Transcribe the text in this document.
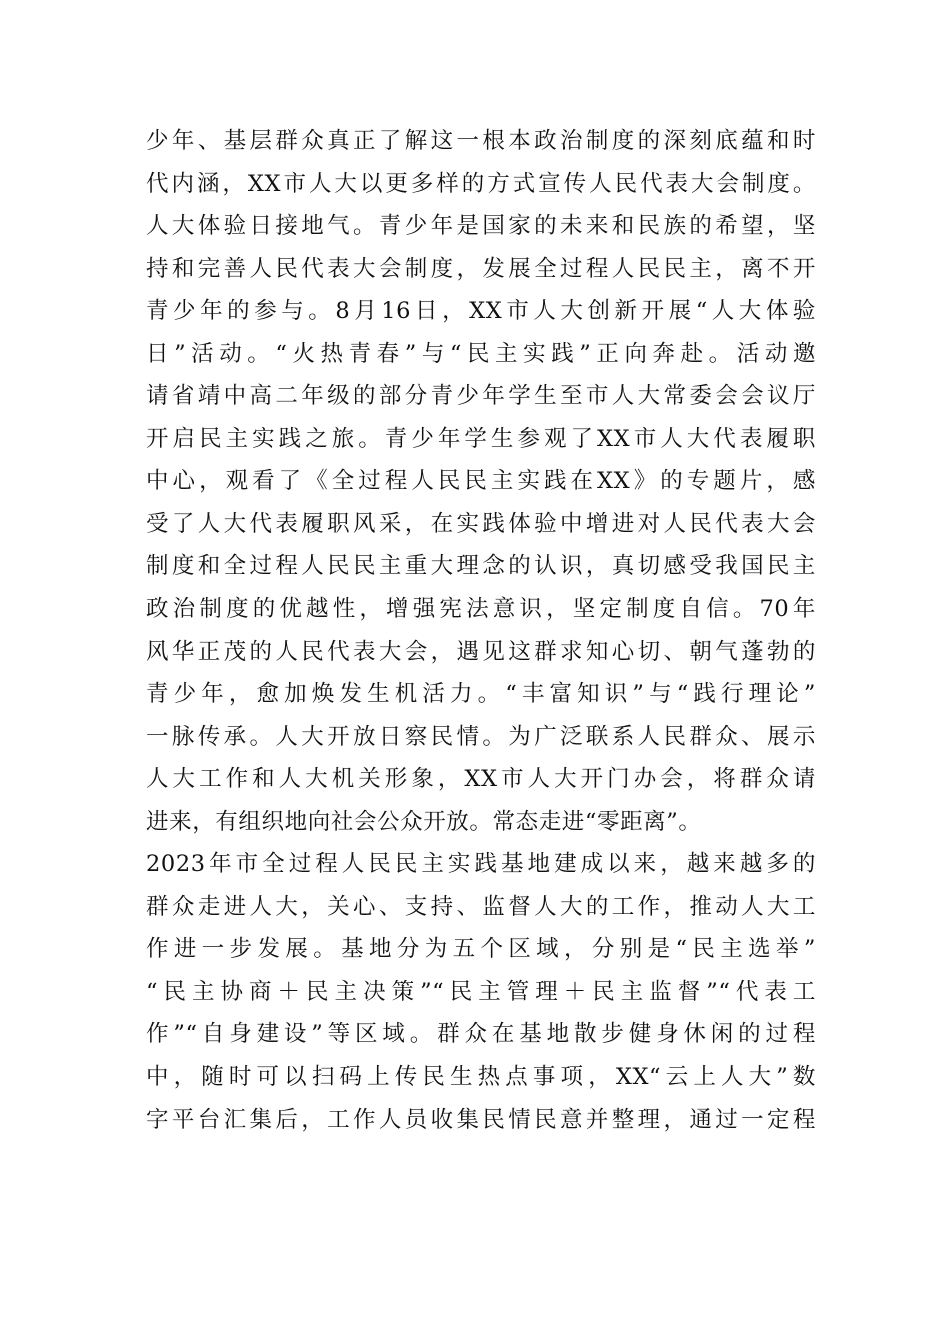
少年、基层群众真正了解这一根本政治制度的深刻底蕴和时
代内涵，XX市人大以更多样的方式宣传人民代表大会制度。
人大体验日接地气。青少年是国家的未来和民族的希望，坚
持和完善人民代表大会制度，发展全过程人民民主，离不开
青少年的参与。8月16日，XX市人大创新开展“人大体验
日”活动。“火热青春”与“民主实践”正向奔赴。活动邀
请省靖中高二年级的部分青少年学生至市人大常委会会议厅
开启民主实践之旅。青少年学生参观了XX市人大代表履职
中心，观看了《全过程人民民主实践在XX》的专题片，感
受了人大代表履职风采，在实践体验中增进对人民代表大会
制度和全过程人民民主重大理念的认识，真切感受我国民主
政治制度的优越性，增强宪法意识，坚定制度自信。70年
风华正茂的人民代表大会，遇见这群求知心切、朝气蓬勃的
青少年，愈加焕发生机活力。“丰富知识”与“践行理论”
一脉传承。人大开放日察民情。为广泛联系人民群众、展示
人大工作和人大机关形象，XX市人大开门办会，将群众请
进来，有组织地向社会公众开放。常态走进“零距离”。
2023年市全过程人民民主实践基地建成以来，越来越多的
群众走进人大，关心、支持、监督人大的工作，推动人大工
作进一步发展。基地分为五个区域，分别是“民主选举”
“民主协商＋民主决策”“民主管理＋民主监督”“代表工
作”“自身建设”等区域。群众在基地散步健身休闲的过程
中，随时可以扫码上传民生热点事项，XX“云上人大”数
字平台汇集后，工作人员收集民情民意并整理，通过一定程
